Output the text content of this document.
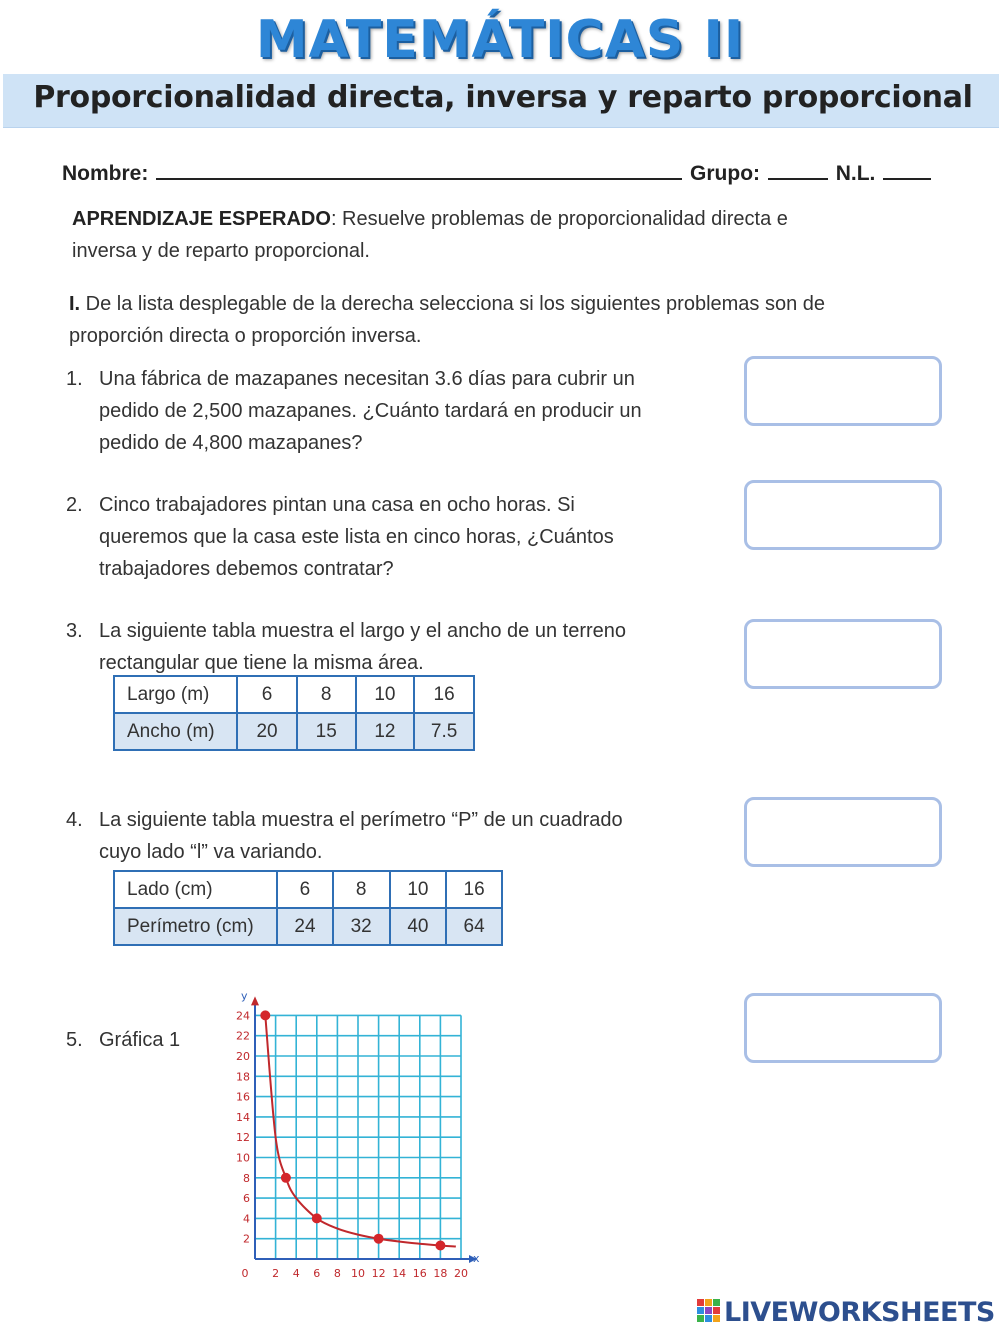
MATEMÁTICAS II
Proporcionalidad directa, inversa y reparto proporcional
Nombre:	Grupo:	N.L.
APRENDIZAJE ESPERADO: Resuelve problemas de proporcionalidad directa e
inversa y de reparto proporcional.
I. De la lista desplegable de la derecha selecciona si los siguientes problemas son de
proporción directa o proporción inversa.
1. Una fábrica de mazapanes necesitan 3.6 días para cubrir un
pedido de 2,500 mazapanes. ¿Cuánto tardará en producir un
pedido de 4,800 mazapanes?
2. Cinco trabajadores pintan una casa en ocho horas. Si
queremos que la casa este lista en cinco horas, ¿Cuántos
trabajadores debemos contratar?
3. La siguiente tabla muestra el largo y el ancho de un terreno
rectangular que tiene la misma área.
Largo (m)	6	8	10	16
Ancho (m)	20	15	12	7.5
4. La siguiente tabla muestra el perímetro “P” de un cuadrado
cuyo lado “l” va variando.
Lado (cm)	6	8	10	16
Perímetro (cm)	24	32	40	64
5. Gráfica 1
y
x
0 2 4 6 8 10 12 14 16 18 20
2
4
6
8
10
12
14
16
18
20
22
24
LIVEWORKSHEETS
